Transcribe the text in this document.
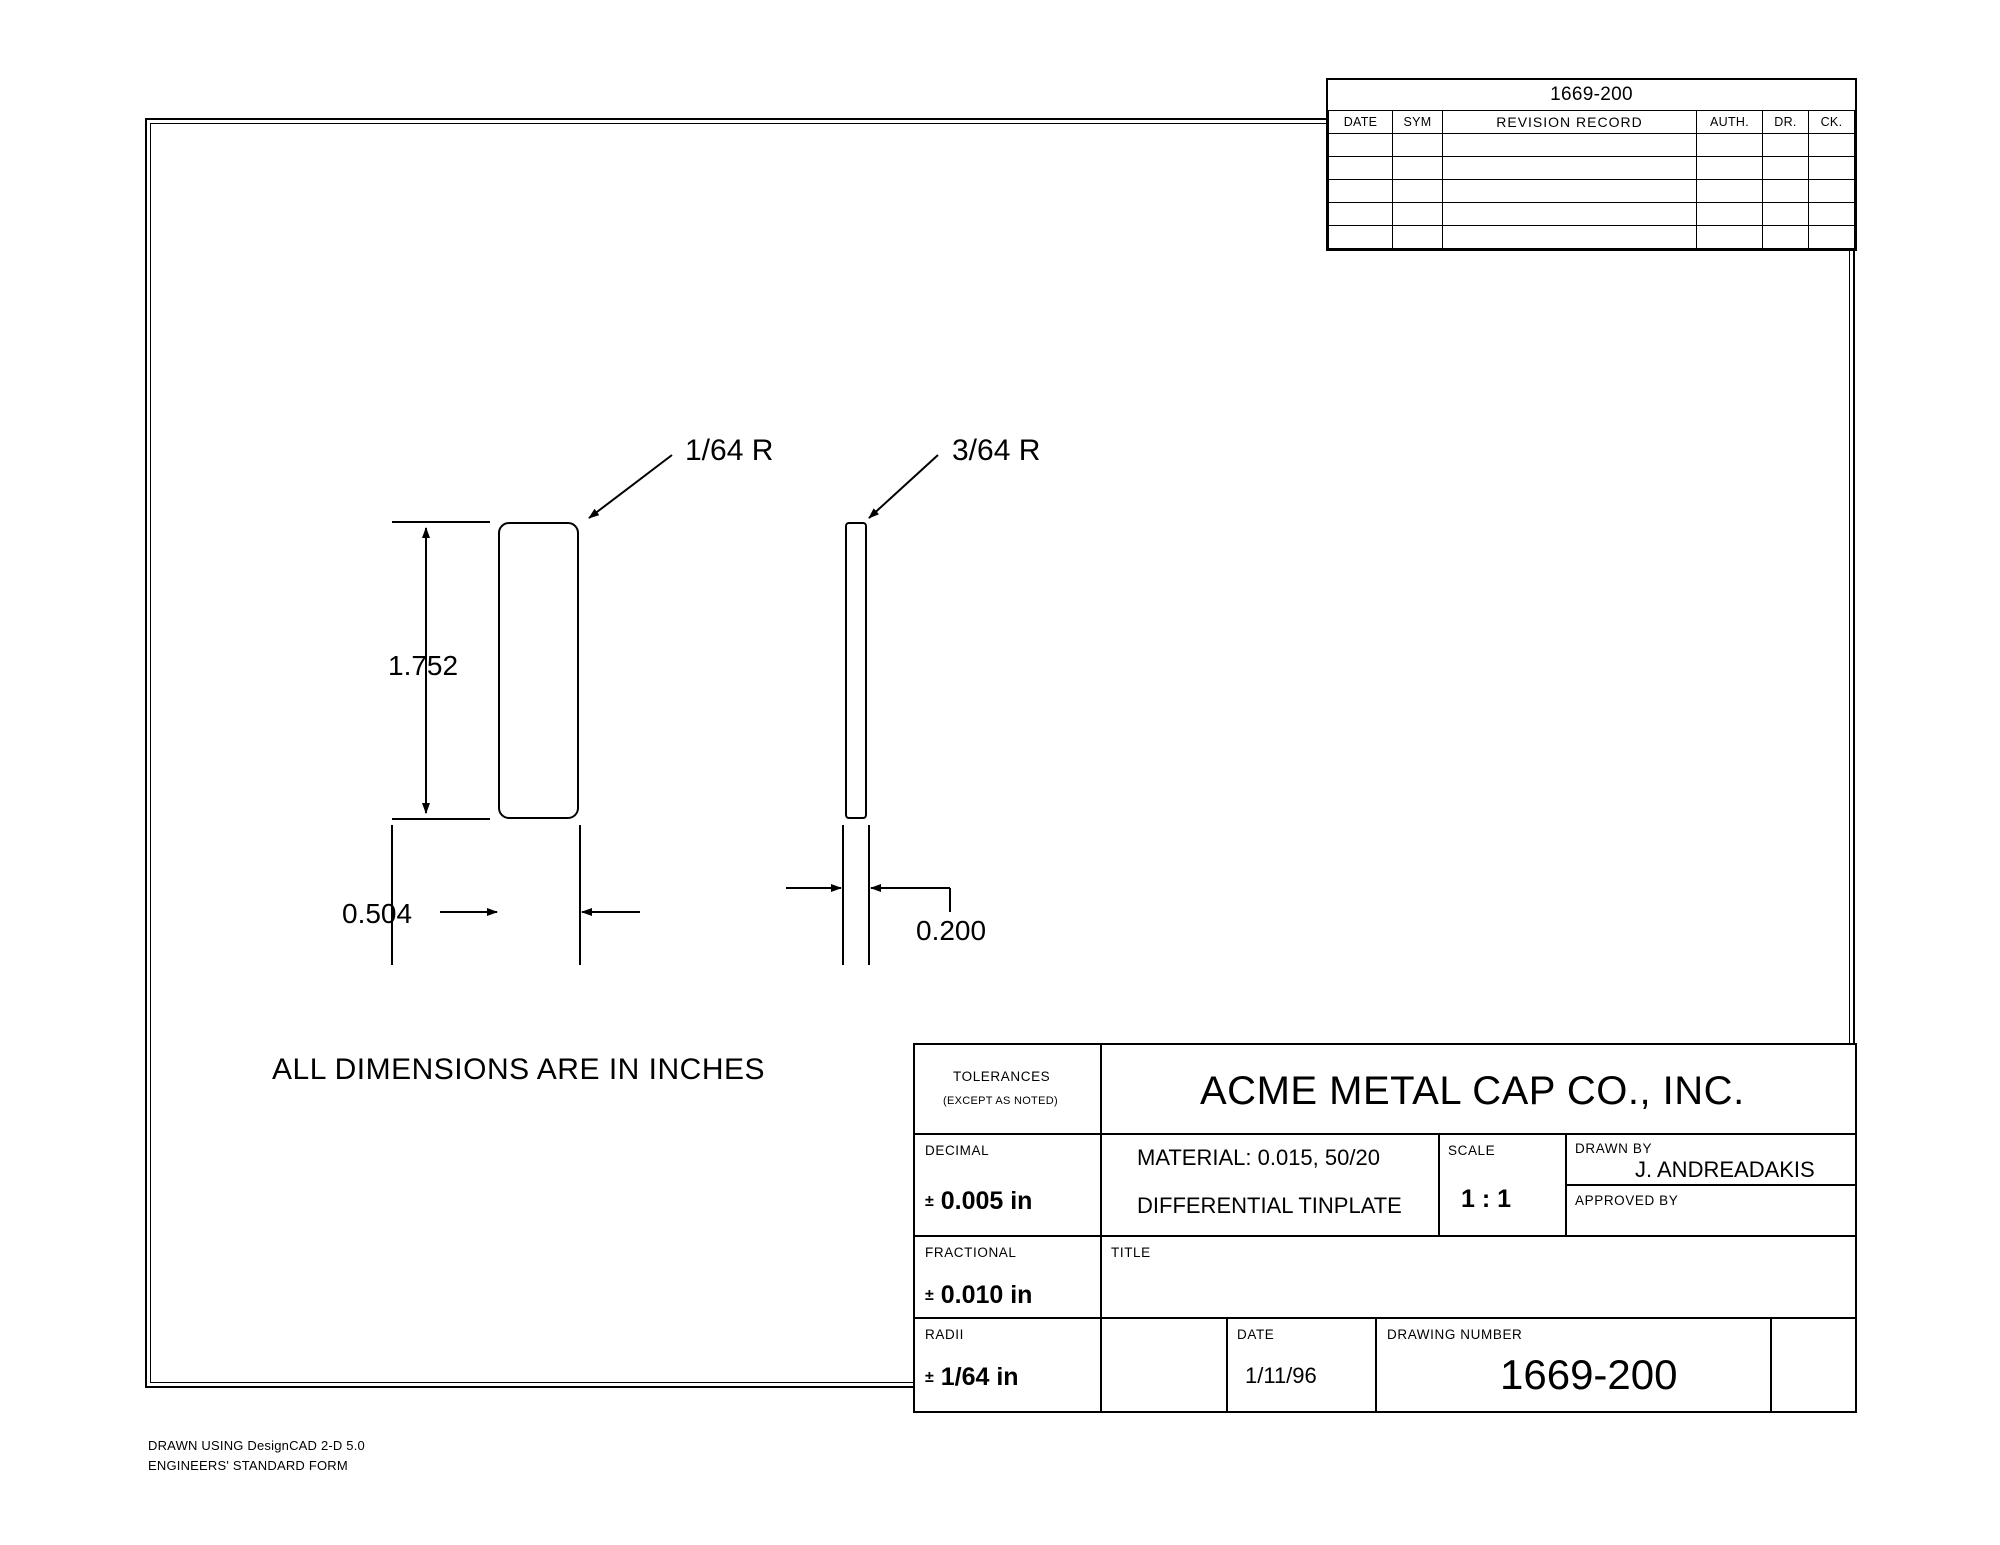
1669-200					
DATE	SYM	REVISION RECORD	AUTH.	DR.	CK.

1.752
0.504
0.200
1/64 R	3/64 R
ALL DIMENSIONS ARE IN INCHES	TOLERANCES
(EXCEPT AS NOTED)
DECIMAL
± 0.005 in
FRACTIONAL
± 0.010 in
RADII
± 1/64 in
ACME METAL CAP CO., INC.
MATERIAL: 0.015, 50/20
DIFFERENTIAL TINPLATE
SCALE
1 : 1
DRAWN BY
J. ANDREADAKIS
APPROVED BY
TITLE
DATE
1/11/96
DRAWING NUMBER
1669-200
DRAWN USING DesignCAD 2-D 5.0
ENGINEERS' STANDARD FORM
